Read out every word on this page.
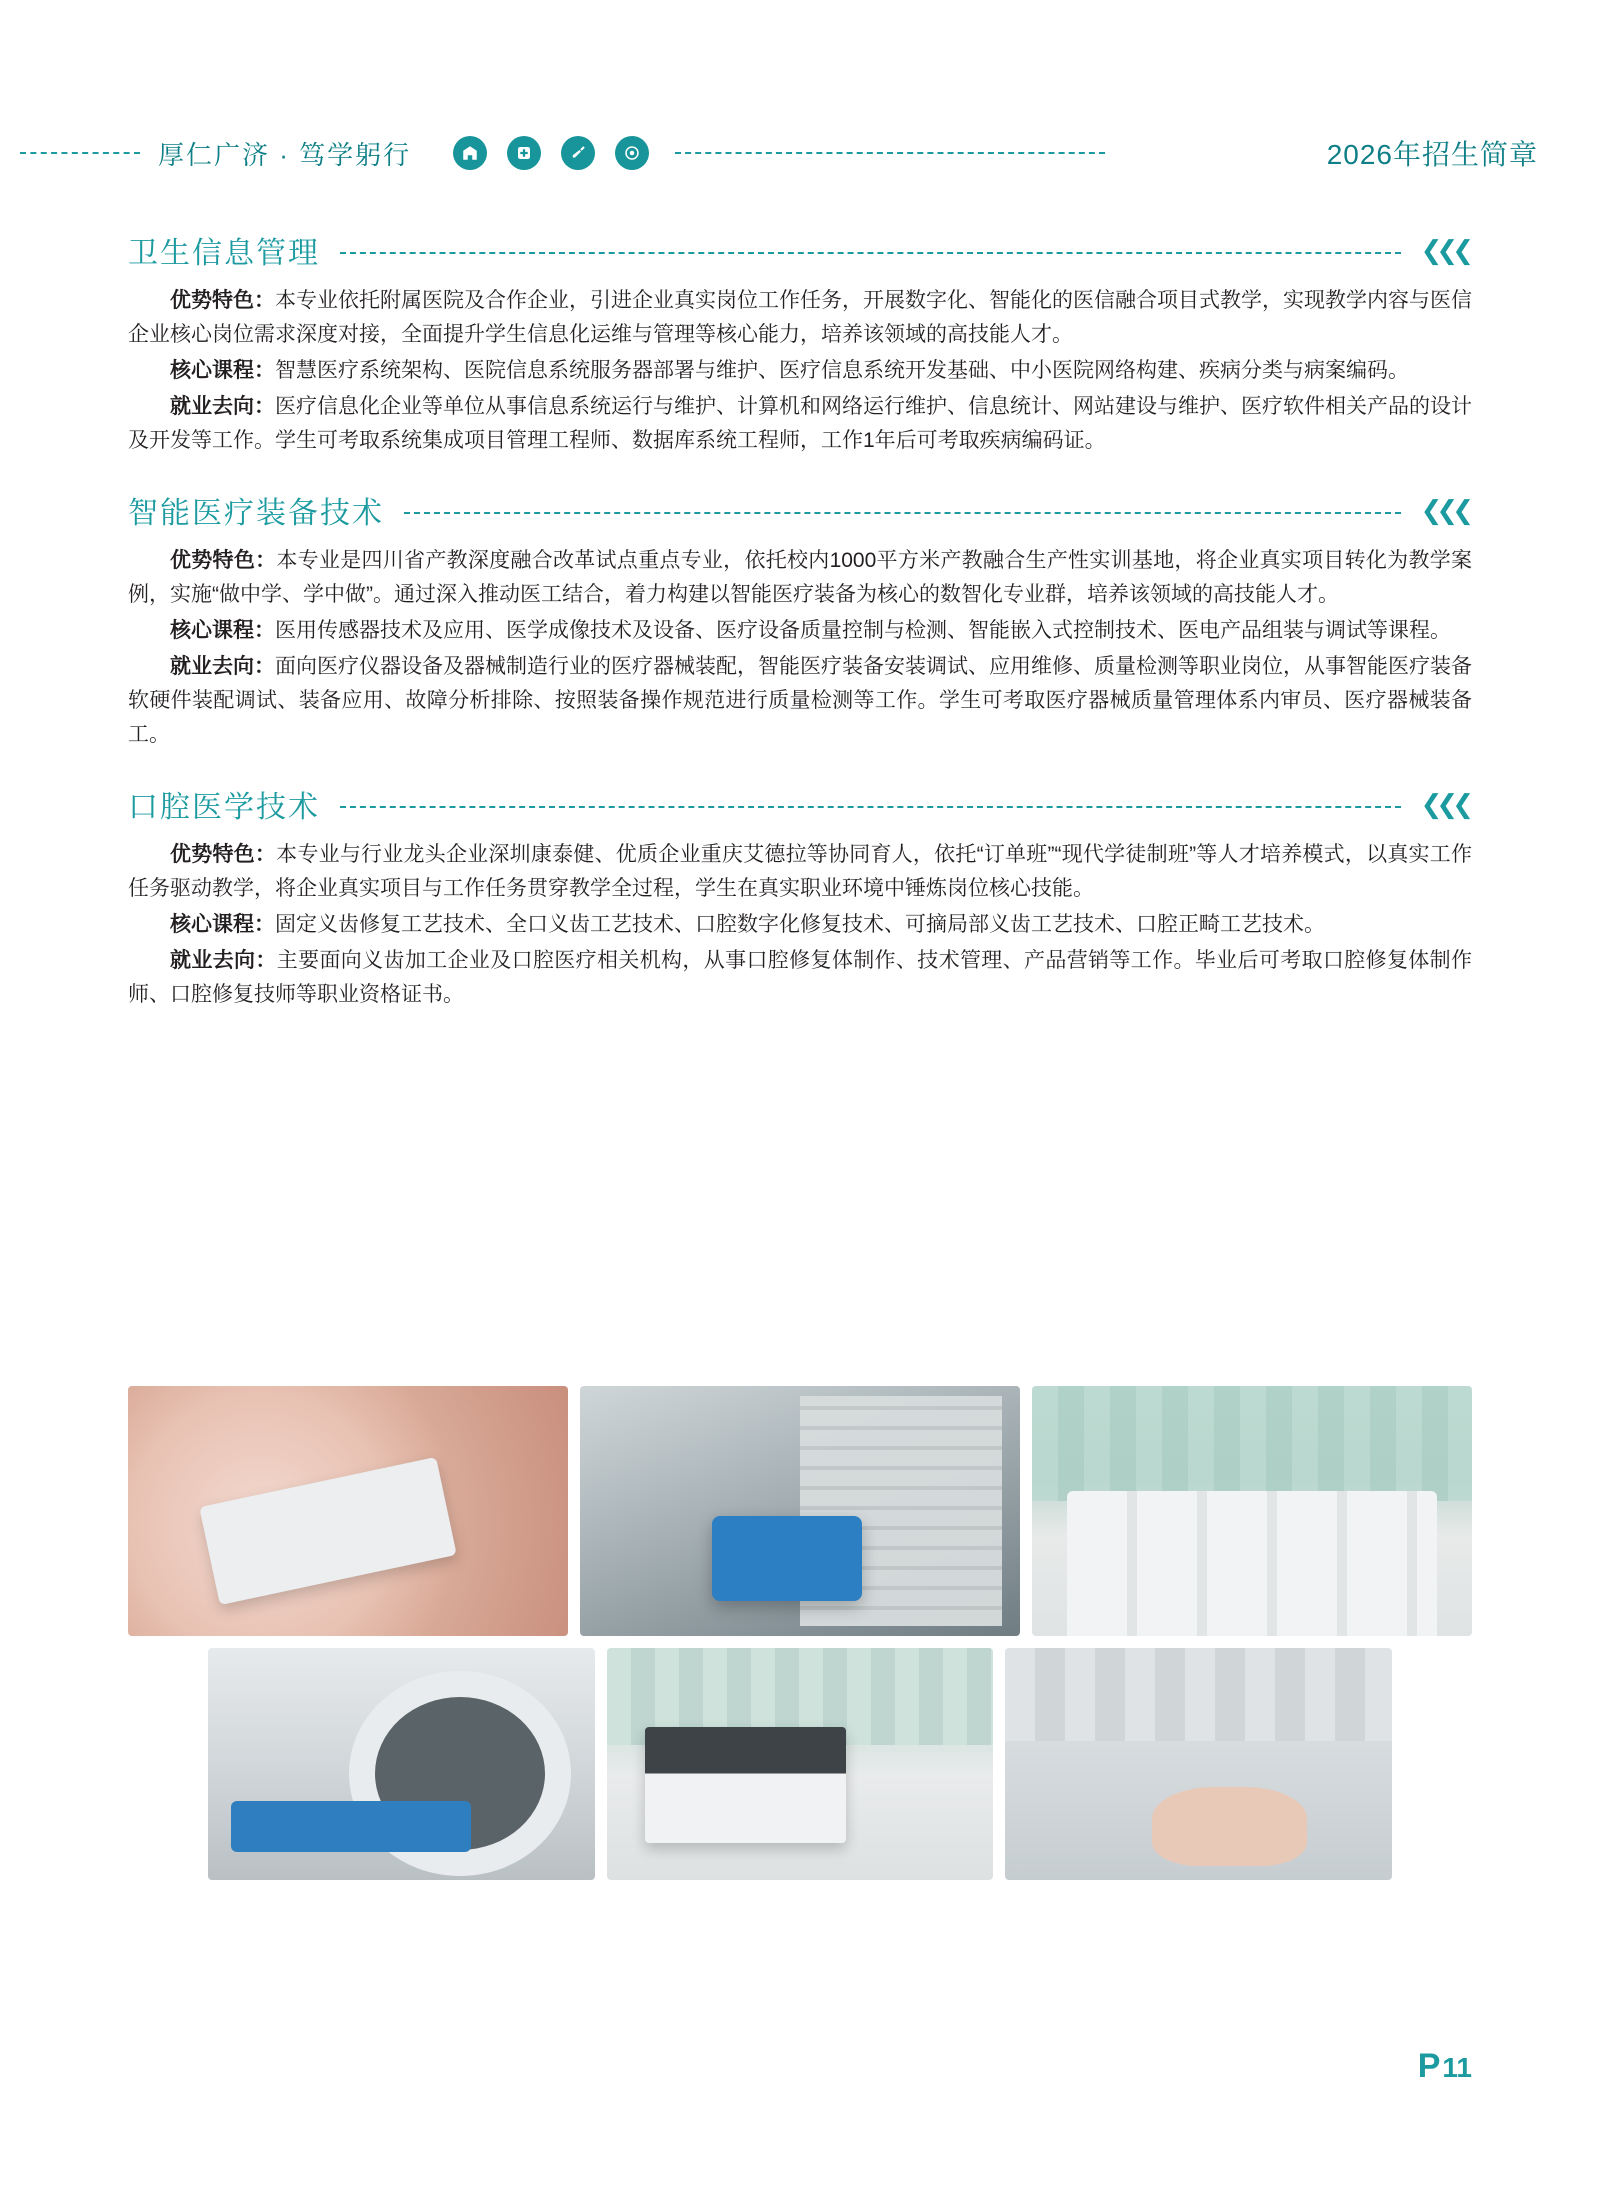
厚仁广济 · 笃学躬行	2026年招生简章
卫生信息管理	❮❮❮

优势特色：本专业依托附属医院及合作企业，引进企业真实岗位工作任务，开展数字化、智能化的医信融合项目式教学，实现教学内容与医信企业核心岗位需求深度对接，全面提升学生信息化运维与管理等核心能力，培养该领域的高技能人才。

核心课程：智慧医疗系统架构、医院信息系统服务器部署与维护、医疗信息系统开发基础、中小医院网络构建、疾病分类与病案编码。

就业去向：医疗信息化企业等单位从事信息系统运行与维护、计算机和网络运行维护、信息统计、网站建设与维护、医疗软件相关产品的设计及开发等工作。学生可考取系统集成项目管理工程师、数据库系统工程师，工作1年后可考取疾病编码证。

智能医疗装备技术	❮❮❮

优势特色：本专业是四川省产教深度融合改革试点重点专业，依托校内1000平方米产教融合生产性实训基地，将企业真实项目转化为教学案例，实施“做中学、学中做”。通过深入推动医工结合，着力构建以智能医疗装备为核心的数智化专业群，培养该领域的高技能人才。

核心课程：医用传感器技术及应用、医学成像技术及设备、医疗设备质量控制与检测、智能嵌入式控制技术、医电产品组装与调试等课程。

就业去向：面向医疗仪器设备及器械制造行业的医疗器械装配，智能医疗装备安装调试、应用维修、质量检测等职业岗位，从事智能医疗装备软硬件装配调试、装备应用、故障分析排除、按照装备操作规范进行质量检测等工作。学生可考取医疗器械质量管理体系内审员、医疗器械装备工。

口腔医学技术	❮❮❮

优势特色：本专业与行业龙头企业深圳康泰健、优质企业重庆艾德拉等协同育人，依托“订单班”“现代学徒制班”等人才培养模式，以真实工作任务驱动教学，将企业真实项目与工作任务贯穿教学全过程，学生在真实职业环境中锤炼岗位核心技能。

核心课程：固定义齿修复工艺技术、全口义齿工艺技术、口腔数字化修复技术、可摘局部义齿工艺技术、口腔正畸工艺技术。

就业去向：主要面向义齿加工企业及口腔医疗相关机构，从事口腔修复体制作、技术管理、产品营销等工作。毕业后可考取口腔修复体制作师、口腔修复技师等职业资格证书。

P 11
